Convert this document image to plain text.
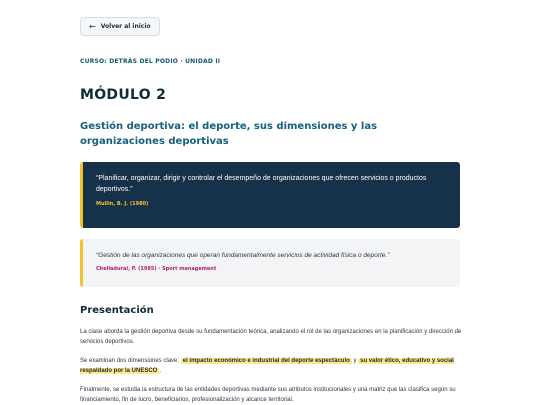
← Volver al inicio
CURSO: DETRÁS DEL PODIO · UNIDAD II
MÓDULO 2
Gestión deportiva: el deporte, sus dimensiones y las organizaciones deportivas

“Planificar, organizar, dirigir y controlar el desempeño de organizaciones que ofrecen servicios o productos deportivos.”

Mullin, B. J. (1980)

“Gestión de las organizaciones que operan fundamentalmente servicios de actividad física o deporte.”

Chelladurai, P. (1985) · Sport management

Presentación

La clase aborda la gestión deportiva desde su fundamentación teórica, analizando el rol de las organizaciones en la planificación y dirección de servicios deportivos.

Se examinan dos dimensiones clave: el impacto económico e industrial del deporte espectáculo y su valor ético, educativo y social respaldado por la UNESCO .

Finalmente, se estudia la estructura de las entidades deportivas mediante sus atributos institucionales y una matriz que las clasifica según su financiamiento, fin de lucro, beneficiarios, profesionalización y alcance territorial.
